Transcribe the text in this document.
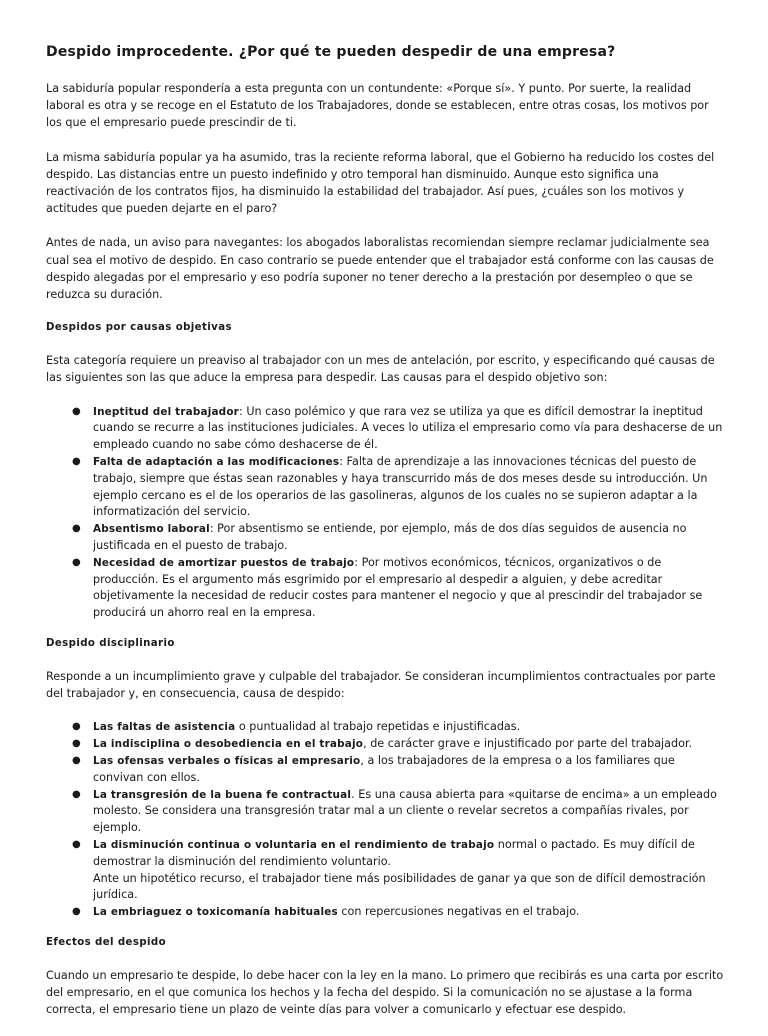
Despido improcedente. ¿Por qué te pueden despedir de una empresa?

La sabiduría popular respondería a esta pregunta con un contundente: «Porque sí». Y punto. Por suerte, la realidad laboral es otra y se recoge en el Estatuto de los Trabajadores, donde se establecen, entre otras cosas, los motivos por los que el empresario puede prescindir de ti.

La misma sabiduría popular ya ha asumido, tras la reciente reforma laboral, que el Gobierno ha reducido los costes del despido. Las distancias entre un puesto indefinido y otro temporal han disminuido. Aunque esto significa una reactivación de los contratos fijos, ha disminuido la estabilidad del trabajador. Así pues, ¿cuáles son los motivos y actitudes que pueden dejarte en el paro?

Antes de nada, un aviso para navegantes: los abogados laboralistas recomiendan siempre reclamar judicialmente sea cual sea el motivo de despido. En caso contrario se puede entender que el trabajador está conforme con las causas de despido alegadas por el empresario y eso podría suponer no tener derecho a la prestación por desempleo o que se reduzca su duración.

Despidos por causas objetivas

Esta categoría requiere un preaviso al trabajador con un mes de antelación, por escrito, y especificando qué causas de las siguientes son las que aduce la empresa para despedir. Las causas para el despido objetivo son:

● Ineptitud del trabajador: Un caso polémico y que rara vez se utiliza ya que es difícil demostrar la ineptitud cuando se recurre a las instituciones judiciales. A veces lo utiliza el empresario como vía para deshacerse de un empleado cuando no sabe cómo deshacerse de él.
● Falta de adaptación a las modificaciones: Falta de aprendizaje a las innovaciones técnicas del puesto de trabajo, siempre que éstas sean razonables y haya transcurrido más de dos meses desde su introducción. Un ejemplo cercano es el de los operarios de las gasolineras, algunos de los cuales no se supieron adaptar a la informatización del servicio.
● Absentismo laboral: Por absentismo se entiende, por ejemplo, más de dos días seguidos de ausencia no justificada en el puesto de trabajo.
● Necesidad de amortizar puestos de trabajo: Por motivos económicos, técnicos, organizativos o de producción. Es el argumento más esgrimido por el empresario al despedir a alguien, y debe acreditar objetivamente la necesidad de reducir costes para mantener el negocio y que al prescindir del trabajador se producirá un ahorro real en la empresa.
Despido disciplinario

Responde a un incumplimiento grave y culpable del trabajador. Se consideran incumplimientos contractuales por parte del trabajador y, en consecuencia, causa de despido:

● Las faltas de asistencia o puntualidad al trabajo repetidas e injustificadas.
● La indisciplina o desobediencia en el trabajo, de carácter grave e injustificado por parte del trabajador.
● Las ofensas verbales o físicas al empresario, a los trabajadores de la empresa o a los familiares que convivan con ellos.
● La transgresión de la buena fe contractual. Es una causa abierta para «quitarse de encima» a un empleado molesto. Se considera una transgresión tratar mal a un cliente o revelar secretos a compañías rivales, por ejemplo.
● La disminución continua o voluntaria en el rendimiento de trabajo normal o pactado. Es muy difícil de demostrar la disminución del rendimiento voluntario.
Ante un hipotético recurso, el trabajador tiene más posibilidades de ganar ya que son de difícil demostración jurídica.
● La embriaguez o toxicomanía habituales con repercusiones negativas en el trabajo.
Efectos del despido

Cuando un empresario te despide, lo debe hacer con la ley en la mano. Lo primero que recibirás es una carta por escrito del empresario, en el que comunica los hechos y la fecha del despido. Si la comunicación no se ajustase a la forma correcta, el empresario tiene un plazo de veinte días para volver a comunicarlo y efectuar ese despido.
